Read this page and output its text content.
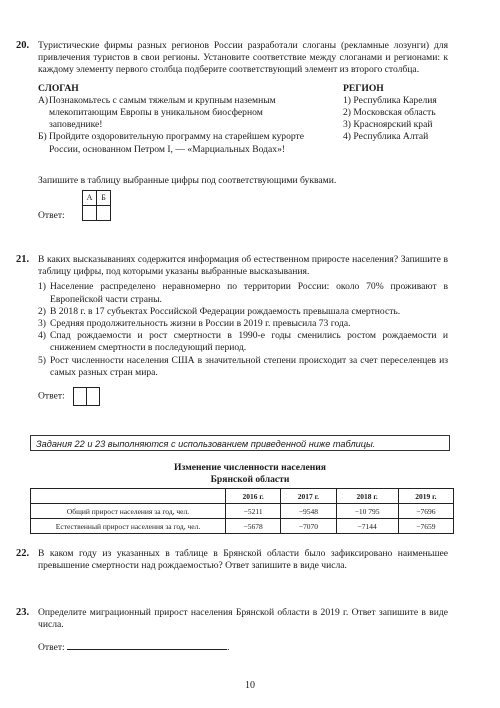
20. Туристические фирмы разных регионов России разработали слоганы (рекламные лозунги) для привлечения туристов в свои регионы. Установите соответствие между слоганами и регионами: к каждому элементу первого столбца подберите соответствующий элемент из второго столбца.

СЛОГАН
А) Познакомьтесь с самым тяжелым и крупным наземным млекопитающим Европы в уникальном биосферном заповеднике!
Б) Пройдите оздоровительную программу на старейшем курорте России, основанном Петром I, — «Марциальных Водах»!
РЕГИОН
1) Республика Карелия
2) Московская область
3) Красноярский край
4) Республика Алтай
Запишите в таблицу выбранные цифры под соответствующими буквами.
Ответ:
А	Б

21. В каких высказываниях содержится информация об естественном приросте населения? Запишите в таблицу цифры, под которыми указаны выбранные высказывания.

1) Население распределено неравномерно по территории России: около 70% проживают в Европейской части страны.
2) В 2018 г. в 17 субъектах Российской Федерации рождаемость превышала смертность.
3) Средняя продолжительность жизни в России в 2019 г. превысила 73 года.
4) Спад рождаемости и рост смертности в 1990-е годы сменились ростом рождаемости и снижением смертности в последующий период.
5) Рост численности населения США в значительной степени происходит за счет переселенцев из самых разных стран мира.
Ответ:	
Задания 22 и 23 выполняются с использованием приведенной ниже таблицы.
Изменение численности населения
Брянской области
	2016 г.	2017 г.	2018 г.	2019 г.
Общий прирост населения за год, чел.	−5211	−9548	−10 795	−7696
Естественный прирост населения за год, чел.	−5678	−7070	−7144	−7659
22. В каком году из указанных в таблице в Брянской области было зафиксировано наименьшее превышение смертности над рождаемостью? Ответ запишите в виде числа.

23. Определите миграционный прирост населения Брянской области в 2019 г. Ответ запишите в виде числа.

Ответ:	.
10
